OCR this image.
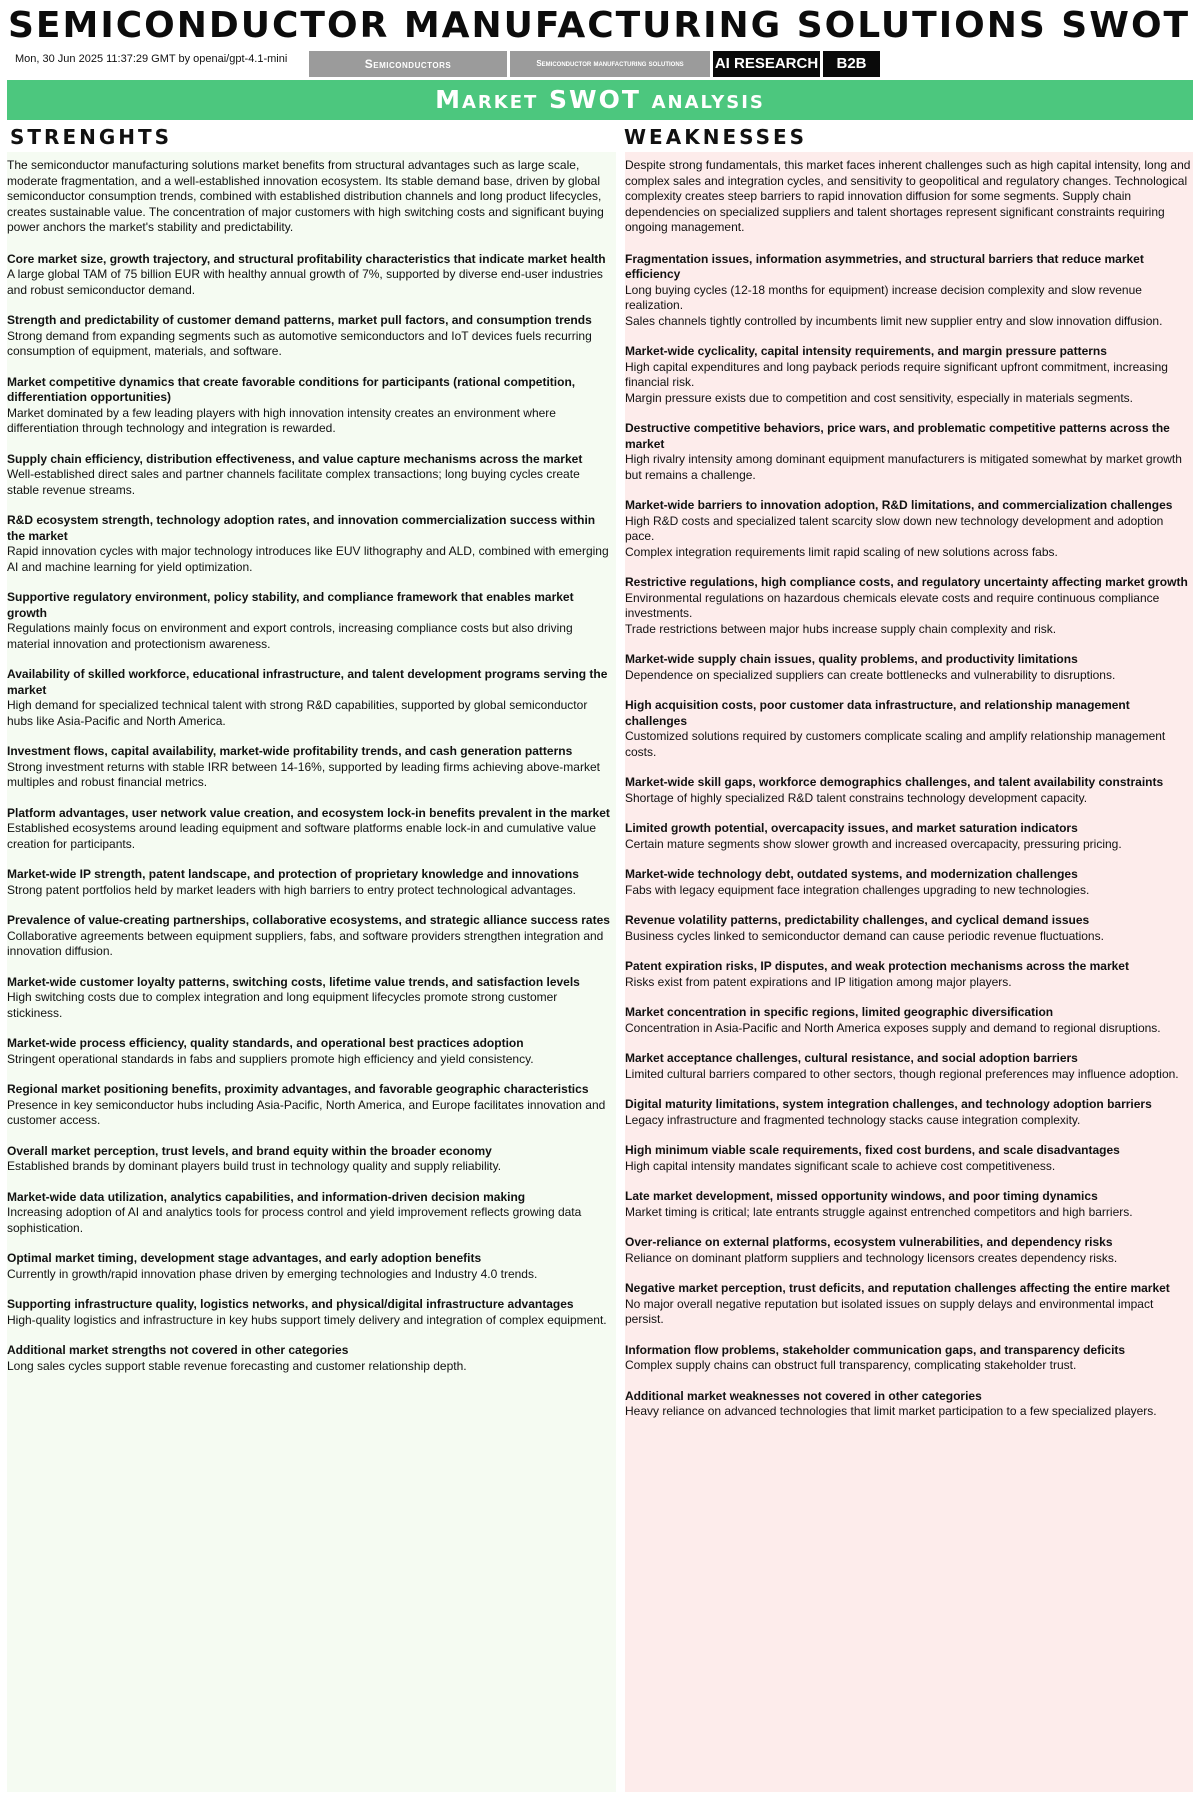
SEMICONDUCTOR MANUFACTURING SOLUTIONS SWOT
Mon, 30 Jun 2025 11:37:29 GMT by openai/gpt-4.1-mini	Semiconductors	Semiconductor manufacturing solutions	AI RESEARCH	B2B
Market SWOT analysis
STRENGHTS	WEAKNESSES

The semiconductor manufacturing solutions market benefits from structural advantages such as large scale, moderate fragmentation, and a well-established innovation ecosystem. Its stable demand base, driven by global semiconductor consumption trends, combined with established distribution channels and long product lifecycles, creates sustainable value. The concentration of major customers with high switching costs and significant buying power anchors the market's stability and predictability.

Core market size, growth trajectory, and structural profitability characteristics that indicate market health

A large global TAM of 75 billion EUR with healthy annual growth of 7%, supported by diverse end-user industries and robust semiconductor demand.

Strength and predictability of customer demand patterns, market pull factors, and consumption trends

Strong demand from expanding segments such as automotive semiconductors and IoT devices fuels recurring consumption of equipment, materials, and software.

Market competitive dynamics that create favorable conditions for participants (rational competition, differentiation opportunities)

Market dominated by a few leading players with high innovation intensity creates an environment where differentiation through technology and integration is rewarded.

Supply chain efficiency, distribution effectiveness, and value capture mechanisms across the market

Well-established direct sales and partner channels facilitate complex transactions; long buying cycles create stable revenue streams.

R&D ecosystem strength, technology adoption rates, and innovation commercialization success within the market

Rapid innovation cycles with major technology introduces like EUV lithography and ALD, combined with emerging AI and machine learning for yield optimization.

Supportive regulatory environment, policy stability, and compliance framework that enables market growth

Regulations mainly focus on environment and export controls, increasing compliance costs but also driving material innovation and protectionism awareness.

Availability of skilled workforce, educational infrastructure, and talent development programs serving the market

High demand for specialized technical talent with strong R&D capabilities, supported by global semiconductor hubs like Asia-Pacific and North America.

Investment flows, capital availability, market-wide profitability trends, and cash generation patterns

Strong investment returns with stable IRR between 14-16%, supported by leading firms achieving above-market multiples and robust financial metrics.

Platform advantages, user network value creation, and ecosystem lock-in benefits prevalent in the market

Established ecosystems around leading equipment and software platforms enable lock-in and cumulative value creation for participants.

Market-wide IP strength, patent landscape, and protection of proprietary knowledge and innovations

Strong patent portfolios held by market leaders with high barriers to entry protect technological advantages.

Prevalence of value-creating partnerships, collaborative ecosystems, and strategic alliance success rates

Collaborative agreements between equipment suppliers, fabs, and software providers strengthen integration and innovation diffusion.

Market-wide customer loyalty patterns, switching costs, lifetime value trends, and satisfaction levels

High switching costs due to complex integration and long equipment lifecycles promote strong customer stickiness.

Market-wide process efficiency, quality standards, and operational best practices adoption

Stringent operational standards in fabs and suppliers promote high efficiency and yield consistency.

Regional market positioning benefits, proximity advantages, and favorable geographic characteristics

Presence in key semiconductor hubs including Asia-Pacific, North America, and Europe facilitates innovation and customer access.

Overall market perception, trust levels, and brand equity within the broader economy

Established brands by dominant players build trust in technology quality and supply reliability.

Market-wide data utilization, analytics capabilities, and information-driven decision making

Increasing adoption of AI and analytics tools for process control and yield improvement reflects growing data sophistication.

Optimal market timing, development stage advantages, and early adoption benefits

Currently in growth/rapid innovation phase driven by emerging technologies and Industry 4.0 trends.

Supporting infrastructure quality, logistics networks, and physical/digital infrastructure advantages

High-quality logistics and infrastructure in key hubs support timely delivery and integration of complex equipment.

Additional market strengths not covered in other categories

Long sales cycles support stable revenue forecasting and customer relationship depth.

Despite strong fundamentals, this market faces inherent challenges such as high capital intensity, long and complex sales and integration cycles, and sensitivity to geopolitical and regulatory changes. Technological complexity creates steep barriers to rapid innovation diffusion for some segments. Supply chain dependencies on specialized suppliers and talent shortages represent significant constraints requiring ongoing management.

Fragmentation issues, information asymmetries, and structural barriers that reduce market efficiency

Long buying cycles (12-18 months for equipment) increase decision complexity and slow revenue realization.

Sales channels tightly controlled by incumbents limit new supplier entry and slow innovation diffusion.

Market-wide cyclicality, capital intensity requirements, and margin pressure patterns

High capital expenditures and long payback periods require significant upfront commitment, increasing financial risk.

Margin pressure exists due to competition and cost sensitivity, especially in materials segments.

Destructive competitive behaviors, price wars, and problematic competitive patterns across the market

High rivalry intensity among dominant equipment manufacturers is mitigated somewhat by market growth but remains a challenge.

Market-wide barriers to innovation adoption, R&D limitations, and commercialization challenges

High R&D costs and specialized talent scarcity slow down new technology development and adoption pace.

Complex integration requirements limit rapid scaling of new solutions across fabs.

Restrictive regulations, high compliance costs, and regulatory uncertainty affecting market growth

Environmental regulations on hazardous chemicals elevate costs and require continuous compliance investments.

Trade restrictions between major hubs increase supply chain complexity and risk.

Market-wide supply chain issues, quality problems, and productivity limitations

Dependence on specialized suppliers can create bottlenecks and vulnerability to disruptions.

High acquisition costs, poor customer data infrastructure, and relationship management challenges

Customized solutions required by customers complicate scaling and amplify relationship management costs.

Market-wide skill gaps, workforce demographics challenges, and talent availability constraints

Shortage of highly specialized R&D talent constrains technology development capacity.

Limited growth potential, overcapacity issues, and market saturation indicators

Certain mature segments show slower growth and increased overcapacity, pressuring pricing.

Market-wide technology debt, outdated systems, and modernization challenges

Fabs with legacy equipment face integration challenges upgrading to new technologies.

Revenue volatility patterns, predictability challenges, and cyclical demand issues

Business cycles linked to semiconductor demand can cause periodic revenue fluctuations.

Patent expiration risks, IP disputes, and weak protection mechanisms across the market

Risks exist from patent expirations and IP litigation among major players.

Market concentration in specific regions, limited geographic diversification

Concentration in Asia-Pacific and North America exposes supply and demand to regional disruptions.

Market acceptance challenges, cultural resistance, and social adoption barriers

Limited cultural barriers compared to other sectors, though regional preferences may influence adoption.

Digital maturity limitations, system integration challenges, and technology adoption barriers

Legacy infrastructure and fragmented technology stacks cause integration complexity.

High minimum viable scale requirements, fixed cost burdens, and scale disadvantages

High capital intensity mandates significant scale to achieve cost competitiveness.

Late market development, missed opportunity windows, and poor timing dynamics

Market timing is critical; late entrants struggle against entrenched competitors and high barriers.

Over-reliance on external platforms, ecosystem vulnerabilities, and dependency risks

Reliance on dominant platform suppliers and technology licensors creates dependency risks.

Negative market perception, trust deficits, and reputation challenges affecting the entire market

No major overall negative reputation but isolated issues on supply delays and environmental impact persist.

Information flow problems, stakeholder communication gaps, and transparency deficits

Complex supply chains can obstruct full transparency, complicating stakeholder trust.

Additional market weaknesses not covered in other categories

Heavy reliance on advanced technologies that limit market participation to a few specialized players.
